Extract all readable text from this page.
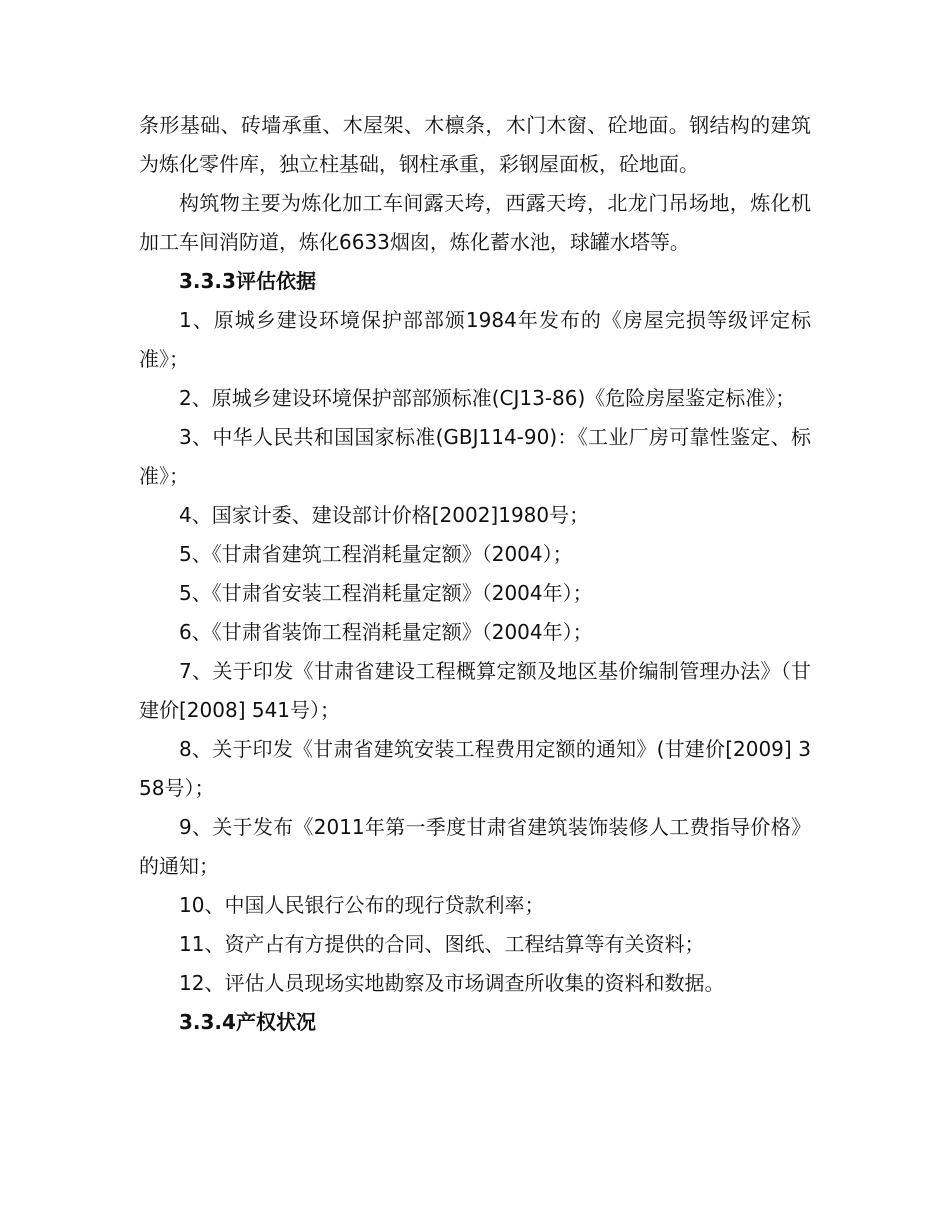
条形基础、砖墙承重、木屋架、木檩条，木门木窗、砼地面。钢结构的建筑为炼化零件库，独立柱基础，钢柱承重，彩钢屋面板，砼地面。

构筑物主要为炼化加工车间露天垮，西露天垮，北龙门吊场地，炼化机加工车间消防道，炼化6633烟囱，炼化蓄水池，球罐水塔等。

3.3.3评估依据

1、原城乡建设环境保护部部颁1984年发布的《房屋完损等级评定标准》；

2、原城乡建设环境保护部部颁标准(CJ13-86)《危险房屋鉴定标准》；

3、中华人民共和国国家标准(GBJ114-90)：《工业厂房可靠性鉴定、标准》；

4、国家计委、建设部计价格[2002]1980号；

5、《甘肃省建筑工程消耗量定额》（2004）；

5、《甘肃省安装工程消耗量定额》（2004年）；

6、《甘肃省装饰工程消耗量定额》（2004年）；

7、关于印发《甘肃省建设工程概算定额及地区基价编制管理办法》（甘建价[2008] 541号）；

8、关于印发《甘肃省建筑安装工程费用定额的通知》(甘建价[2009] 358号）；

9、关于发布《2011年第一季度甘肃省建筑装饰装修人工费指导价格》的通知；

10、中国人民银行公布的现行贷款利率；

11、资产占有方提供的合同、图纸、工程结算等有关资料；

12、评估人员现场实地勘察及市场调查所收集的资料和数据。

3.3.4产权状况
